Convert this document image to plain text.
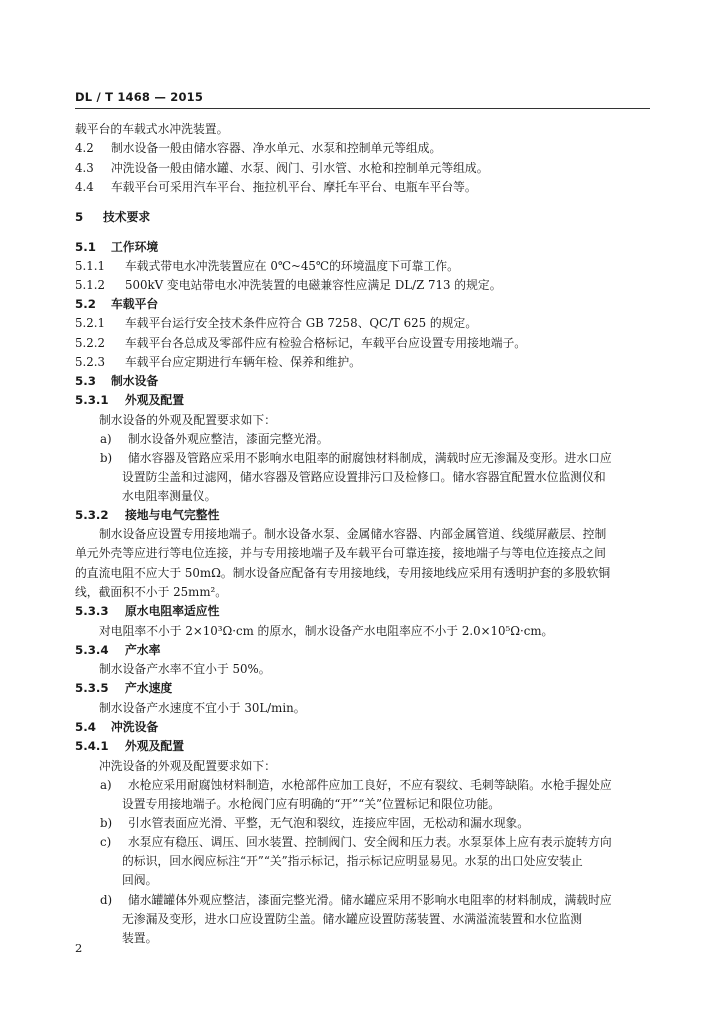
DL / T 1468 — 2015
载平台的车载式水冲洗装置。
4.2 制水设备一般由储水容器、净水单元、水泵和控制单元等组成。
4.3 冲洗设备一般由储水罐、水泵、阀门、引水管、水枪和控制单元等组成。
4.4 车载平台可采用汽车平台、拖拉机平台、摩托车平台、电瓶车平台等。
5 技术要求
5.1 工作环境
5.1.1 车载式带电水冲洗装置应在 0℃~45℃的环境温度下可靠工作。
5.1.2 500kV 变电站带电水冲洗装置的电磁兼容性应满足 DL/Z 713 的规定。
5.2 车载平台
5.2.1 车载平台运行安全技术条件应符合 GB 7258、QC/T 625 的规定。
5.2.2 车载平台各总成及零部件应有检验合格标记，车载平台应设置专用接地端子。
5.2.3 车载平台应定期进行车辆年检、保养和维护。
5.3 制水设备
5.3.1 外观及配置
制水设备的外观及配置要求如下：
a) 制水设备外观应整洁，漆面完整光滑。
b) 储水容器及管路应采用不影响水电阻率的耐腐蚀材料制成，满载时应无渗漏及变形。进水口应
设置防尘盖和过滤网，储水容器及管路应设置排污口及检修口。储水容器宜配置水位监测仪和
水电阻率测量仪。
5.3.2 接地与电气完整性
制水设备应设置专用接地端子。制水设备水泵、金属储水容器、内部金属管道、线缆屏蔽层、控制
单元外壳等应进行等电位连接，并与专用接地端子及车载平台可靠连接，接地端子与等电位连接点之间
的直流电阻不应大于 50mΩ。制水设备应配备有专用接地线，专用接地线应采用有透明护套的多股软铜
线，截面积不小于 25mm²。
5.3.3 原水电阻率适应性
对电阻率不小于 2×10³Ω·cm 的原水，制水设备产水电阻率应不小于 2.0×10⁵Ω·cm。
5.3.4 产水率
制水设备产水率不宜小于 50%。
5.3.5 产水速度
制水设备产水速度不宜小于 30L/min。
5.4 冲洗设备
5.4.1 外观及配置
冲洗设备的外观及配置要求如下：
a) 水枪应采用耐腐蚀材料制造，水枪部件应加工良好，不应有裂纹、毛刺等缺陷。水枪手握处应
设置专用接地端子。水枪阀门应有明确的“开”“关”位置标记和限位功能。
b) 引水管表面应光滑、平整，无气泡和裂纹，连接应牢固，无松动和漏水现象。
c) 水泵应有稳压、调压、回水装置、控制阀门、安全阀和压力表。水泵泵体上应有表示旋转方向
的标识，回水阀应标注“开”“关”指示标记，指示标记应明显易见。水泵的出口处应安装止
回阀。
d) 储水罐罐体外观应整洁，漆面完整光滑。储水罐应采用不影响水电阻率的材料制成，满载时应
无渗漏及变形，进水口应设置防尘盖。储水罐应设置防荡装置、水满溢流装置和水位监测
装置。
2
